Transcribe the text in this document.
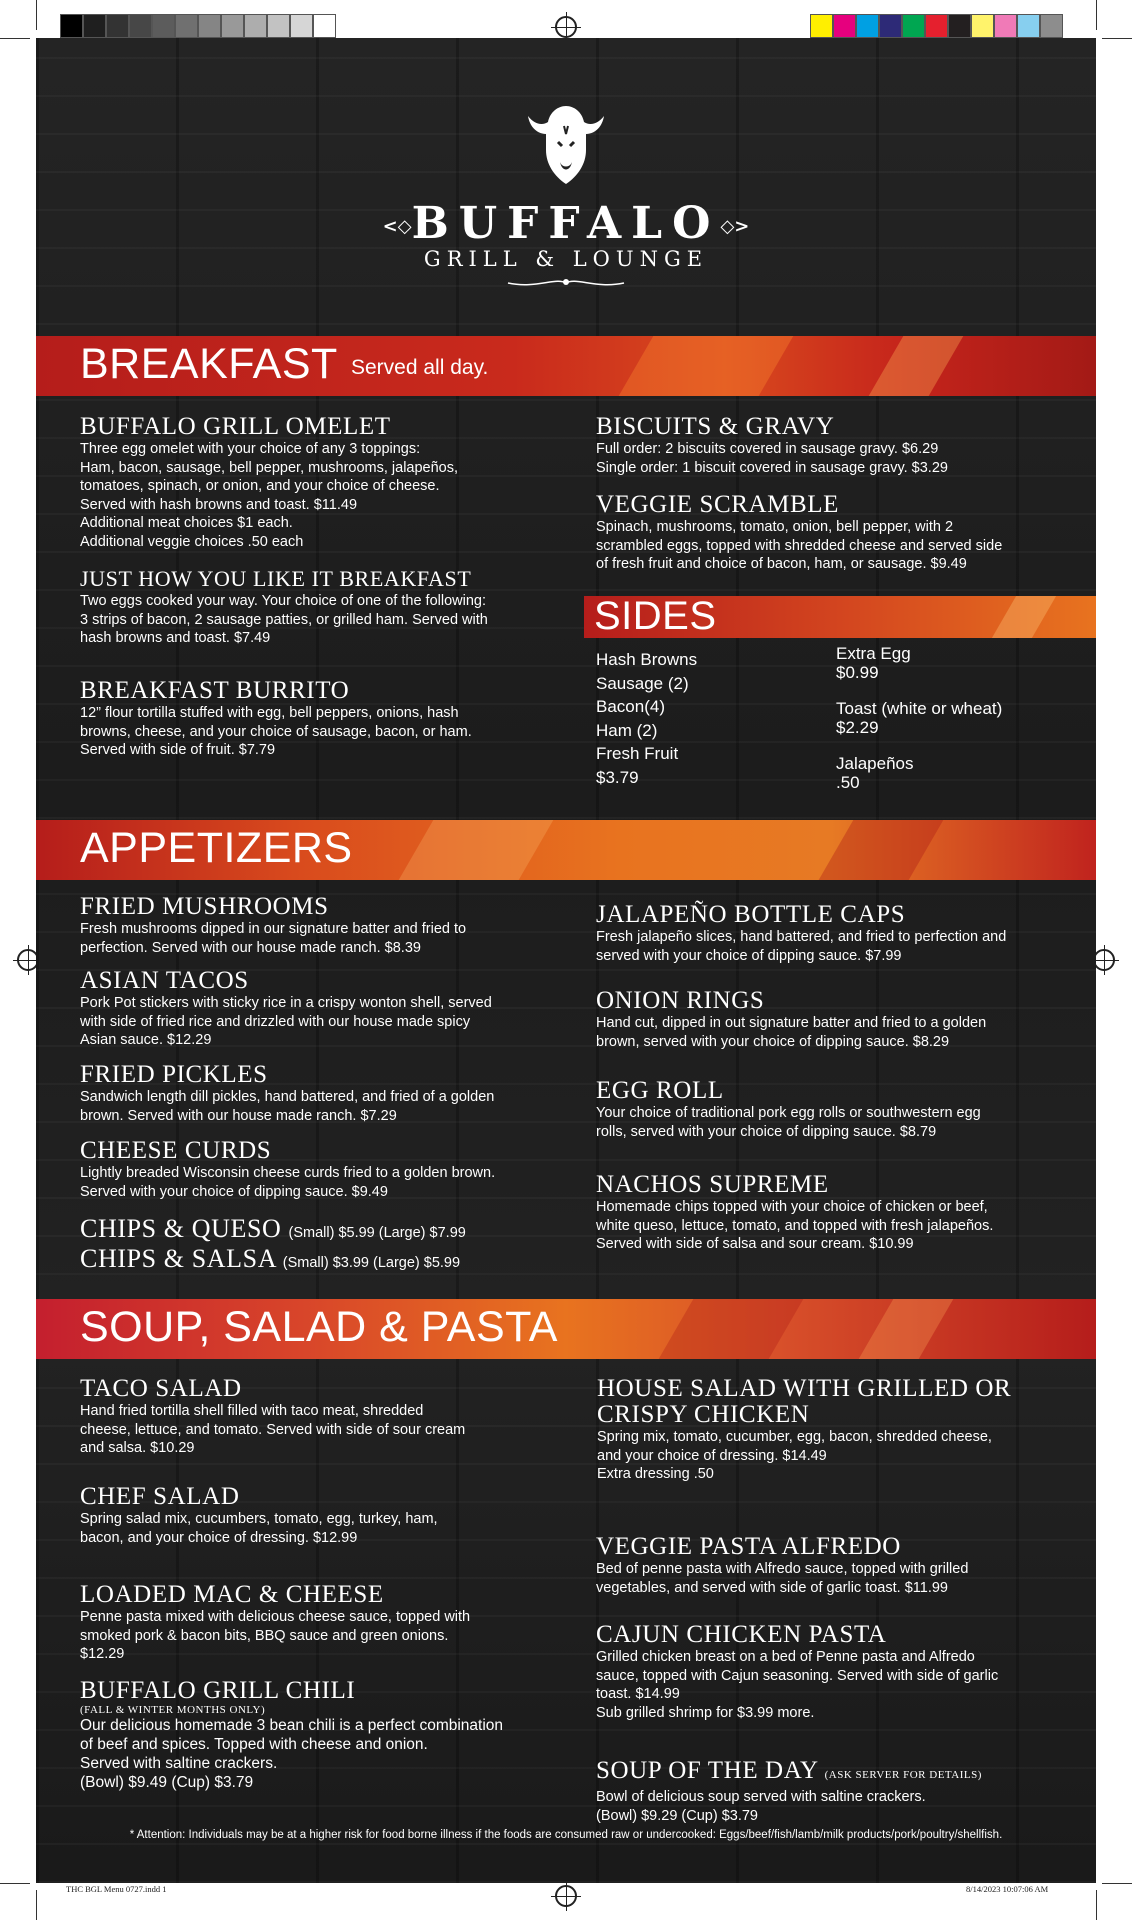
<◇BUFFALO◇>
GRILL & LOUNGE
BREAKFAST Served all day.
BUFFALO GRILL OMELET
Three egg omelet with your choice of any 3 toppings:
Ham, bacon, sausage, bell pepper, mushrooms, jalapeños,
tomatoes, spinach, or onion, and your choice of cheese.
Served with hash browns and toast. $11.49
Additional meat choices $1 each.
Additional veggie choices .50 each
JUST HOW YOU LIKE IT BREAKFAST
Two eggs cooked your way. Your choice of one of the following:
3 strips of bacon, 2 sausage patties, or grilled ham. Served with
hash browns and toast. $7.49
BREAKFAST BURRITO
12” flour tortilla stuffed with egg, bell peppers, onions, hash
browns, cheese, and your choice of sausage, bacon, or ham.
Served with side of fruit. $7.79
BISCUITS & GRAVY
Full order: 2 biscuits covered in sausage gravy. $6.29
Single order: 1 biscuit covered in sausage gravy. $3.29
VEGGIE SCRAMBLE
Spinach, mushrooms, tomato, onion, bell pepper, with 2
scrambled eggs, topped with shredded cheese and served side
of fresh fruit and choice of bacon, ham, or sausage. $9.49
SIDES
Hash Browns
Sausage (2)
Bacon(4)
Ham (2)
Fresh Fruit
$3.79
Extra Egg
$0.99
Toast (white or wheat)
$2.29
Jalapeños
.50
APPETIZERS
FRIED MUSHROOMS
Fresh mushrooms dipped in our signature batter and fried to
perfection. Served with our house made ranch. $8.39
ASIAN TACOS
Pork Pot stickers with sticky rice in a crispy wonton shell, served
with side of fried rice and drizzled with our house made spicy
Asian sauce. $12.29
FRIED PICKLES
Sandwich length dill pickles, hand battered, and fried of a golden
brown. Served with our house made ranch. $7.29
CHEESE CURDS
Lightly breaded Wisconsin cheese curds fried to a golden brown.
Served with your choice of dipping sauce. $9.49
CHIPS & QUESO (Small) $5.99 (Large) $7.99
CHIPS & SALSA (Small) $3.99 (Large) $5.99
JALAPEÑO BOTTLE CAPS
Fresh jalapeño slices, hand battered, and fried to perfection and
served with your choice of dipping sauce. $7.99
ONION RINGS
Hand cut, dipped in out signature batter and fried to a golden
brown, served with your choice of dipping sauce. $8.29
EGG ROLL
Your choice of traditional pork egg rolls or southwestern egg
rolls, served with your choice of dipping sauce. $8.79
NACHOS SUPREME
Homemade chips topped with your choice of chicken or beef,
white queso, lettuce, tomato, and topped with fresh jalapeños.
Served with side of salsa and sour cream. $10.99
SOUP, SALAD & PASTA
TACO SALAD
Hand fried tortilla shell filled with taco meat, shredded
cheese, lettuce, and tomato. Served with side of sour cream
and salsa. $10.29
CHEF SALAD
Spring salad mix, cucumbers, tomato, egg, turkey, ham,
bacon, and your choice of dressing. $12.99
LOADED MAC & CHEESE
Penne pasta mixed with delicious cheese sauce, topped with
smoked pork & bacon bits, BBQ sauce and green onions.
$12.29
BUFFALO GRILL CHILI
(FALL & WINTER MONTHS ONLY)
Our delicious homemade 3 bean chili is a perfect combination
of beef and spices. Topped with cheese and onion.
Served with saltine crackers.
(Bowl) $9.49 (Cup) $3.79
HOUSE SALAD WITH GRILLED OR
CRISPY CHICKEN
Spring mix, tomato, cucumber, egg, bacon, shredded cheese,
and your choice of dressing. $14.49
Extra dressing .50
VEGGIE PASTA ALFREDO
Bed of penne pasta with Alfredo sauce, topped with grilled
vegetables, and served with side of garlic toast. $11.99
CAJUN CHICKEN PASTA
Grilled chicken breast on a bed of Penne pasta and Alfredo
sauce, topped with Cajun seasoning. Served with side of garlic
toast. $14.99
Sub grilled shrimp for $3.99 more.
SOUP OF THE DAY (ASK SERVER FOR DETAILS)
Bowl of delicious soup served with saltine crackers.
(Bowl) $9.29 (Cup) $3.79
* Attention: Individuals may be at a higher risk for food borne illness if the foods are consumed raw or undercooked: Eggs/beef/fish/lamb/milk products/pork/poultry/shellfish.
THC BGL Menu 0727.indd 1	8/14/2023 10:07:06 AM
